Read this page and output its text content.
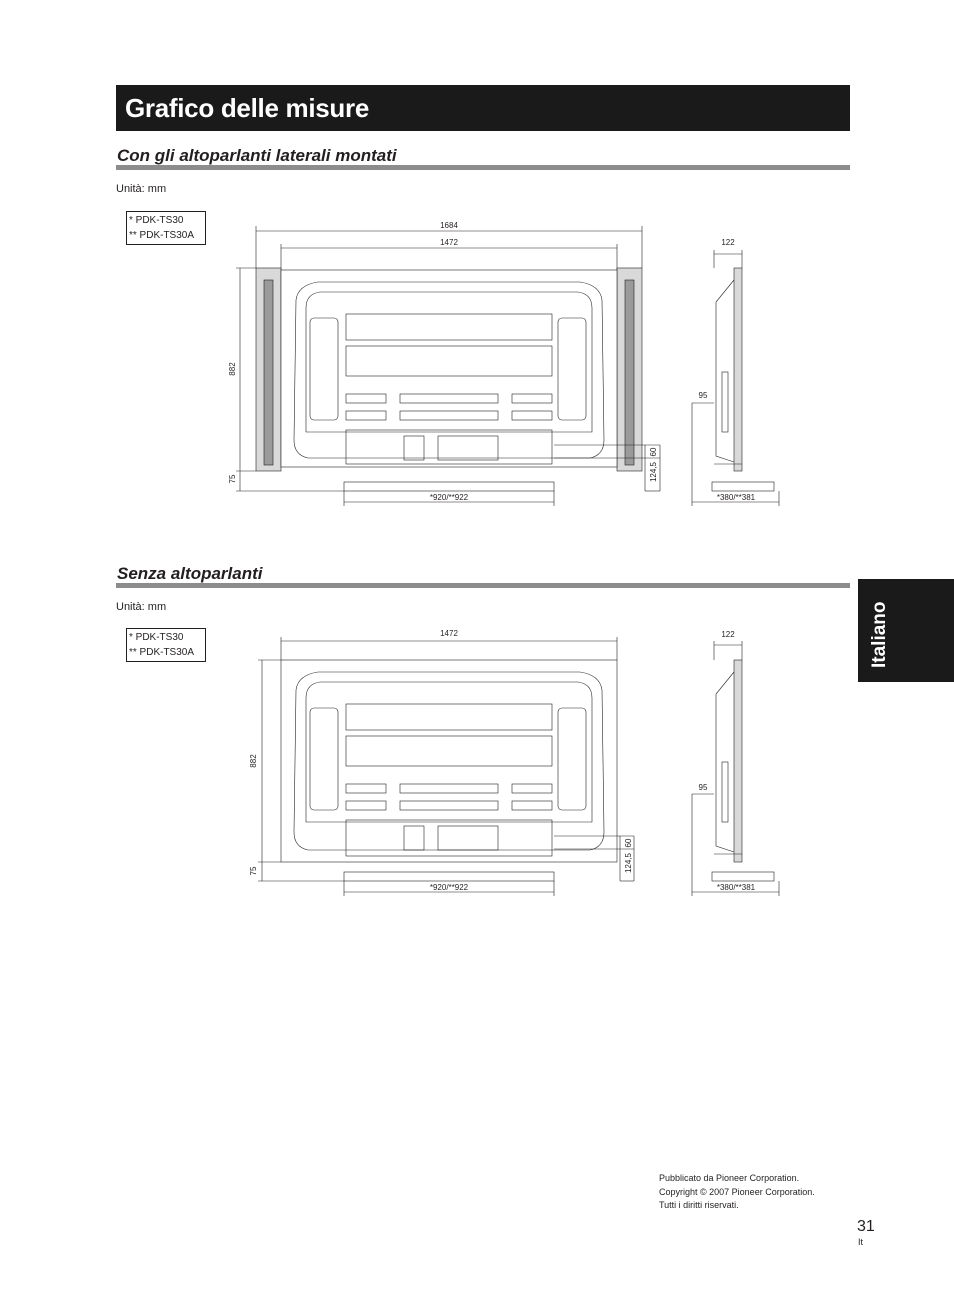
Grafico delle misure
Con gli altoparlanti laterali montati
Unità: mm
* PDK-TS30
** PDK-TS30A
1684
1472	122
882
75
95
60
124,5
*920/**922	*380/**381
Senza altoparlanti
Unità: mm
* PDK-TS30
** PDK-TS30A
1472	122
882
75
95
60
124,5
*920/**922	*380/**381
Italiano
Pubblicato da Pioneer Corporation.
Copyright © 2007 Pioneer Corporation.
Tutti i diritti riservati.
31
It
